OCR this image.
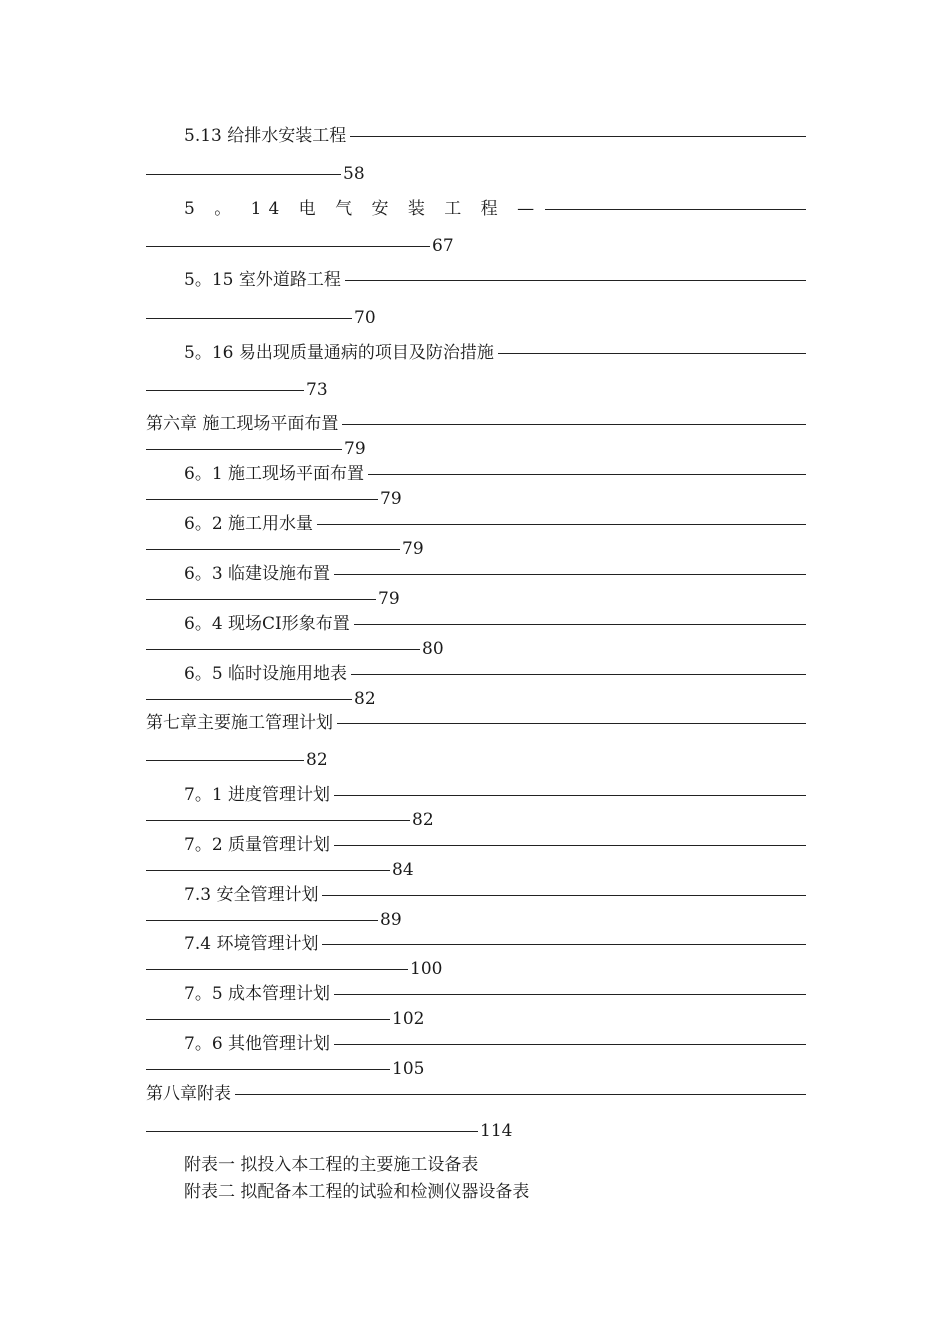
5.13 给排水安装工程
58
5 。 14 电 气 安 装 工 程 —
67
5。15 室外道路工程
70
5。16 易出现质量通病的项目及防治措施
73
第六章 施工现场平面布置
79
6。1 施工现场平面布置
79
6。2 施工用水量
79
6。3 临建设施布置
79
6。4 现场CI形象布置
80
6。5 临时设施用地表
82
第七章主要施工管理计划
82
7。1 进度管理计划
82
7。2 质量管理计划
84
7.3 安全管理计划
89
7.4 环境管理计划
100
7。5 成本管理计划
102
7。6 其他管理计划
105
第八章附表
114
附表一 拟投入本工程的主要施工设备表
附表二 拟配备本工程的试验和检测仪器设备表
